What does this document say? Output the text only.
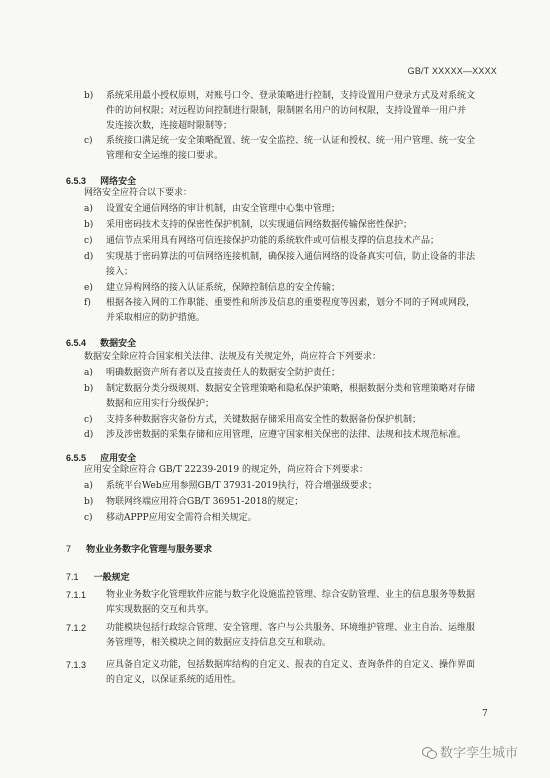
GB/T XXXXX—XXXX
b) 系统采用最小授权原则，对账号口令、登录策略进行控制，支持设置用户登录方式及对系统文
件的访问权限；对远程访问控制进行限制，限制匿名用户的访问权限，支持设置单一用户并
发连接次数，连接超时限制等；
c) 系统接口满足统一安全策略配置、统一安全监控、统一认证和授权、统一用户管理、统一安全
管理和安全运维的接口要求。
6.5.3 网络安全
网络安全应符合以下要求：
a) 设置安全通信网络的审计机制，由安全管理中心集中管理；
b) 采用密码技术支持的保密性保护机制，以实现通信网络数据传输保密性保护；
c) 通信节点采用具有网络可信连接保护功能的系统软件或可信根支撑的信息技术产品；
d) 实现基于密码算法的可信网络连接机制，确保接入通信网络的设备真实可信，防止设备的非法
接入；
e) 建立异构网络的接入认证系统，保障控制信息的安全传输；
f) 根据各接入网的工作职能、重要性和所涉及信息的重要程度等因素，划分不同的子网或网段，
并采取相应的防护措施。
6.5.4 数据安全
数据安全除应符合国家相关法律、法规及有关规定外，尚应符合下列要求：
a) 明确数据资产所有者以及直接责任人的数据安全防护责任；
b) 制定数据分类分级规则、数据安全管理策略和隐私保护策略，根据数据分类和管理策略对存储
数据和应用实行分级保护；
c) 支持多种数据容灾备份方式，关键数据存储采用高安全性的数据备份保护机制；
d) 涉及涉密数据的采集存储和应用管理，应遵守国家相关保密的法律、法规和技术规范标准。
6.5.5 应用安全
应用安全除应符合 GB/T 22239-2019 的规定外，尚应符合下列要求：
a) 系统平台Web应用参照GB/T 37931-2019执行，符合增强级要求；
b) 物联网终端应用符合GB/T 36951-2018的规定；
c) 移动APPP应用安全需符合相关规定。
7 物业业务数字化管理与服务要求
7.1 一般规定
7.1.1 物业业务数字化管理软件应能与数字化设施监控管理、综合安防管理、业主的信息服务等数据
库实现数据的交互和共享。
7.1.2 功能模块包括行政综合管理、安全管理、客户与公共服务、环境维护管理、业主自治、运维服
务管理等，相关模块之间的数据应支持信息交互和联动。
7.1.3 应具备自定义功能，包括数据库结构的自定义、报表的自定义、查询条件的自定义、操作界面
的自定义，以保证系统的适用性。
7
数字孪生城市
